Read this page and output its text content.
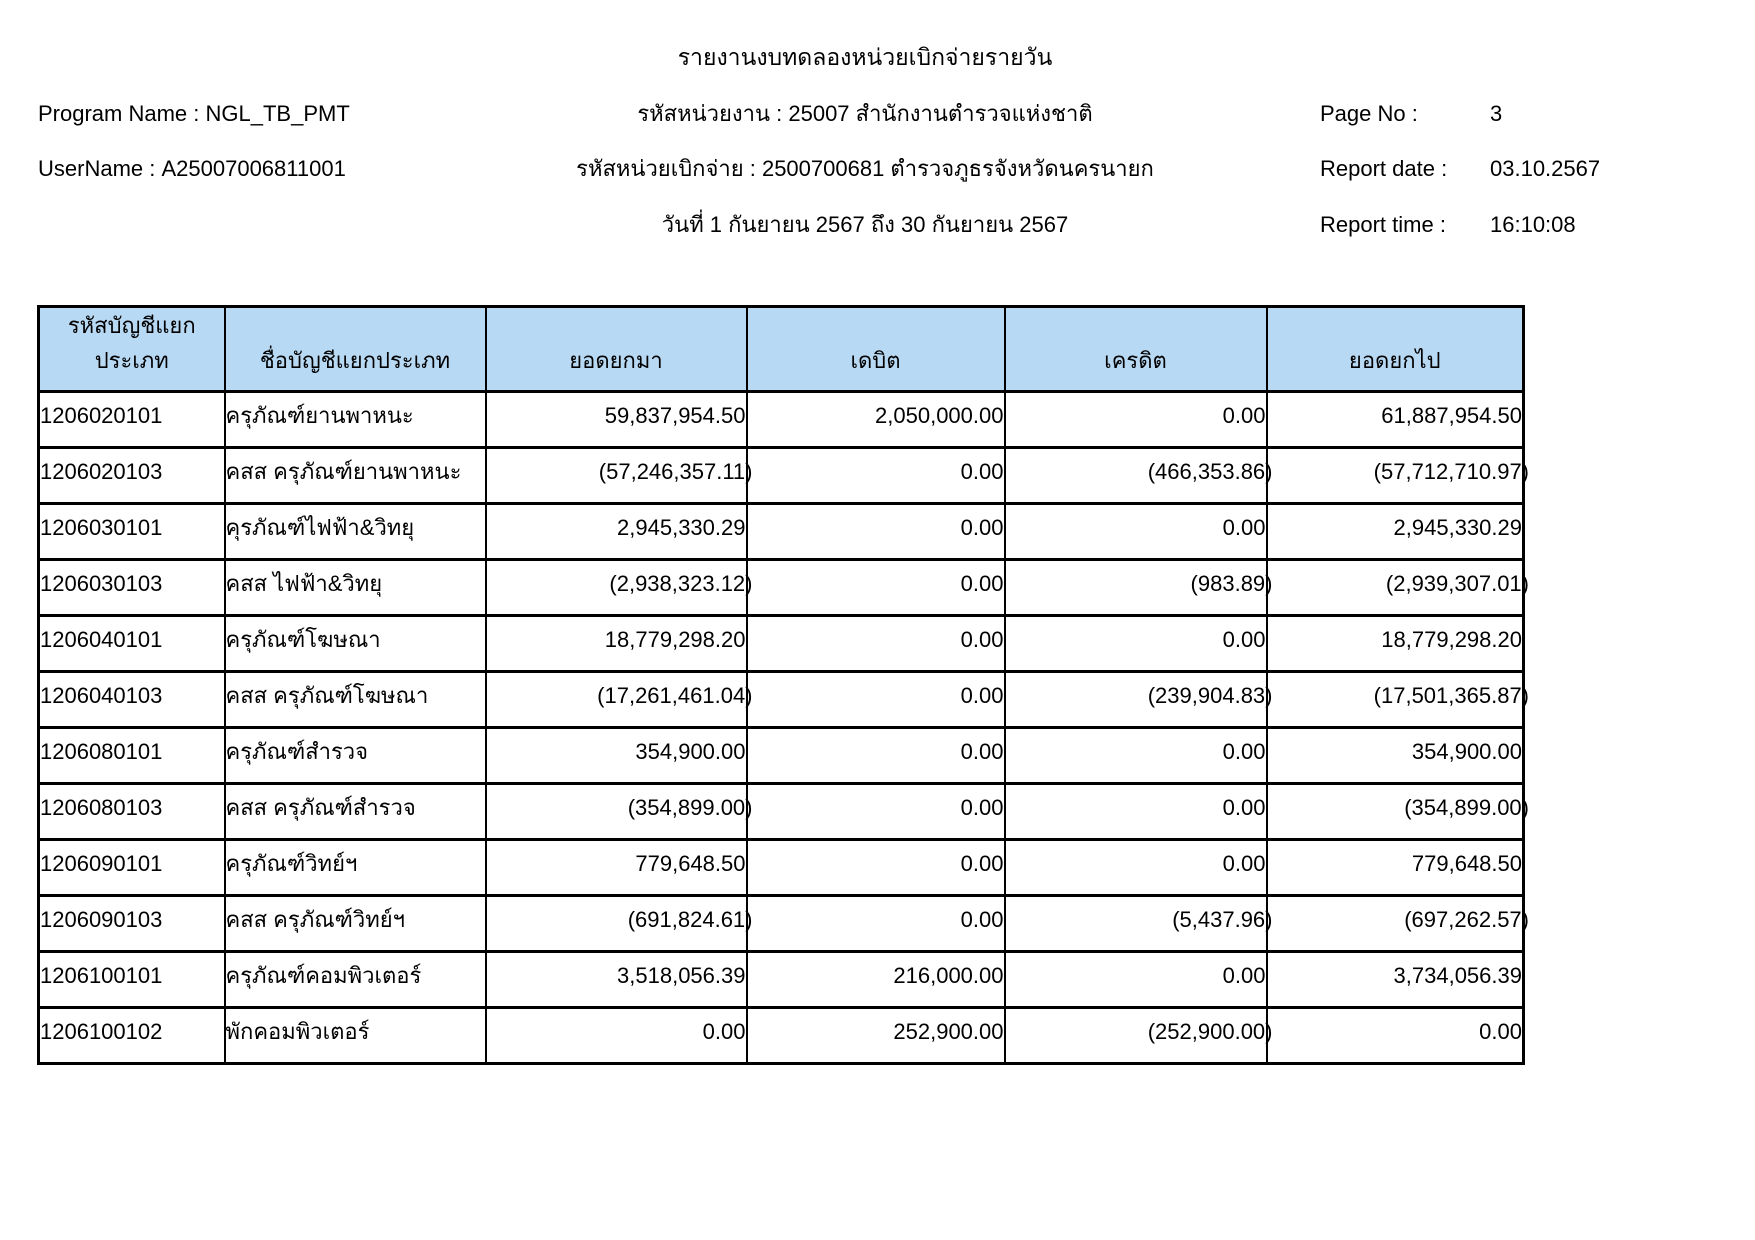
รายงานงบทดลองหน่วยเบิกจ่ายรายวัน
Program Name : NGL_TB_PMT
UserName : A25007006811001
รหัสหน่วยงาน : 25007 สำนักงานตำรวจแห่งชาติ
รหัสหน่วยเบิกจ่าย : 2500700681 ตำรวจภูธรจังหวัดนครนายก
วันที่ 1 กันยายน 2567 ถึง 30 กันยายน 2567
Page No :	3
Report date : 03.10.2567
Report time : 16:10:08
รหัสบัญชีแยกประเภท	ชื่อบัญชีแยกประเภท	ยอดยกมา	เดบิต	เครดิต	ยอดยกไป
1206020101	ครุภัณฑ์ยานพาหนะ	59,837,954.50	2,050,000.00	0.00	61,887,954.50
1206020103	คสส ครุภัณฑ์ยานพาหนะ	(57,246,357.11)	0.00	(466,353.86)	(57,712,710.97)
1206030101	คุรภัณฑ์ไฟฟ้า&วิทยุ	2,945,330.29	0.00	0.00	2,945,330.29
1206030103	คสส ไฟฟ้า&วิทยุ	(2,938,323.12)	0.00	(983.89)	(2,939,307.01)
1206040101	ครุภัณฑ์โฆษณา	18,779,298.20	0.00	0.00	18,779,298.20
1206040103	คสส ครุภัณฑ์โฆษณา	(17,261,461.04)	0.00	(239,904.83)	(17,501,365.87)
1206080101	ครุภัณฑ์สำรวจ	354,900.00	0.00	0.00	354,900.00
1206080103	คสส ครุภัณฑ์สำรวจ	(354,899.00)	0.00	0.00	(354,899.00)
1206090101	ครุภัณฑ์วิทย์ฯ	779,648.50	0.00	0.00	779,648.50
1206090103	คสส ครุภัณฑ์วิทย์ฯ	(691,824.61)	0.00	(5,437.96)	(697,262.57)
1206100101	ครุภัณฑ์คอมพิวเตอร์	3,518,056.39	216,000.00	0.00	3,734,056.39
1206100102	พักคอมพิวเตอร์	0.00	252,900.00	(252,900.00)	0.00
